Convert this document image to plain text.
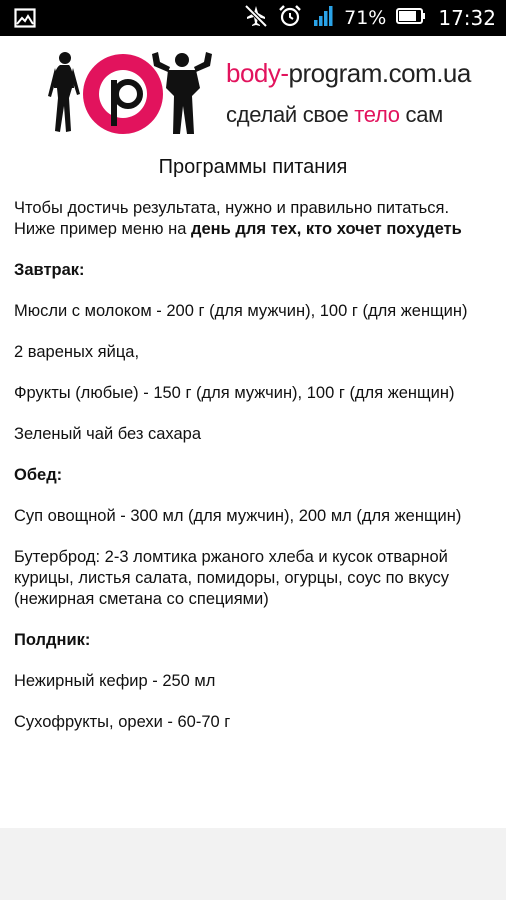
71%	17:32
body-program.com.ua
сделай свое тело сам
Программы питания

Чтобы достичь результата, нужно и правильно питаться. Ниже пример меню на день для тех, кто хочет похудеть

Завтрак:

Мюсли с молоком - 200 г (для мужчин), 100 г (для женщин)

2 вареных яйца,

Фрукты (любые) - 150 г (для мужчин), 100 г (для женщин)

Зеленый чай без сахара

Обед:

Суп овощной - 300 мл (для мужчин), 200 мл (для женщин)

Бутерброд: 2-3 ломтика ржаного хлеба и кусок отварной курицы, листья салата, помидоры, огурцы, соус по вкусу (нежирная сметана со специями)

Полдник:

Нежирный кефир - 250 мл

Сухофрукты, орехи - 60-70 г
